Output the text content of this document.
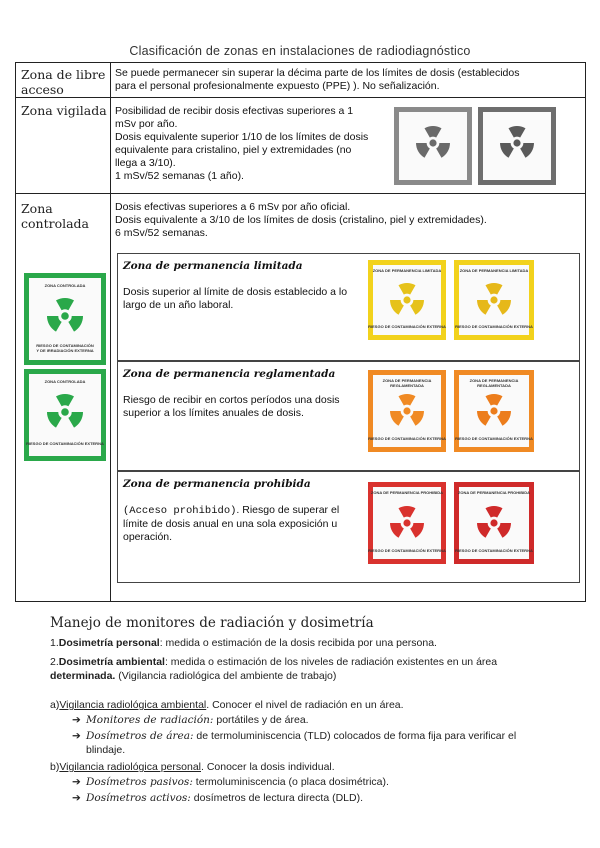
Clasificación de zonas en instalaciones de radiodiagnóstico
Zona de libre
acceso
Se puede permanecer sin superar la décima parte de los límites de dosis (establecidos
para el personal profesionalmente expuesto (PPE) ). No señalización.
Zona vigilada Posibilidad de recibir dosis efectivas superiores a 1
mSv por año.
Dosis equivalente superior 1/10 de los límites de dosis
equivalente para cristalino, piel y extremidades (no
llega a 3/10).
1 mSv/52 semanas (1 año).
Zona
controlada
Dosis efectivas superiores a 6 mSv por año oficial.
Dosis equivalente a 3/10 de los límites de dosis (cristalino, piel y extremidades).
6 mSv/52 semanas.
ZONA CONTROLADA
RIESGO DE CONTAMINACIÓN
Y DE IRRADIACIÓN EXTERNA
ZONA CONTROLADA
RIESGO DE CONTAMINACIÓN EXTERNA
Zona de permanencia limitada
Dosis superior al límite de dosis establecido a lo
largo de un año laboral.
ZONA DE PERMANENCIA LIMITADA
RIESGO DE CONTAMINACIÓN EXTERNA
ZONA DE PERMANENCIA LIMITADA
RIESGO DE CONTAMINACIÓN EXTERNA
Zona de permanencia reglamentada
Riesgo de recibir en cortos períodos una dosis
superior a los límites anuales de dosis.
ZONA DE PERMANENCIA REGLAMENTADA
RIESGO DE CONTAMINACIÓN EXTERNA
ZONA DE PERMANENCIA REGLAMENTADA
RIESGO DE CONTAMINACIÓN EXTERNA
Zona de permanencia prohibida
(Acceso prohibido). Riesgo de superar el
límite de dosis anual en una sola exposición u
operación.
ZONA DE PERMANENCIA PROHIBIDA
RIESGO DE CONTAMINACIÓN EXTERNA
ZONA DE PERMANENCIA PROHIBIDA
RIESGO DE CONTAMINACIÓN EXTERNA
Manejo de monitores de radiación y dosimetría
1.Dosimetría personal: medida o estimación de la dosis recibida por una persona.
2.Dosimetría ambiental: medida o estimación de los niveles de radiación existentes en un área
determinada. (Vigilancia radiológica del ambiente de trabajo)
a)Vigilancia radiológica ambiental. Conocer el nivel de radiación en un área.
➔ Monitores de radiación: portátiles y de área.
➔ Dosímetros de área: de termoluminiscencia (TLD) colocados de forma fija para verificar el
blindaje.
b)Vigilancia radiológica personal. Conocer la dosis individual.
➔ Dosímetros pasivos: termoluminiscencia (o placa dosimétrica).
➔ Dosímetros activos: dosímetros de lectura directa (DLD).
